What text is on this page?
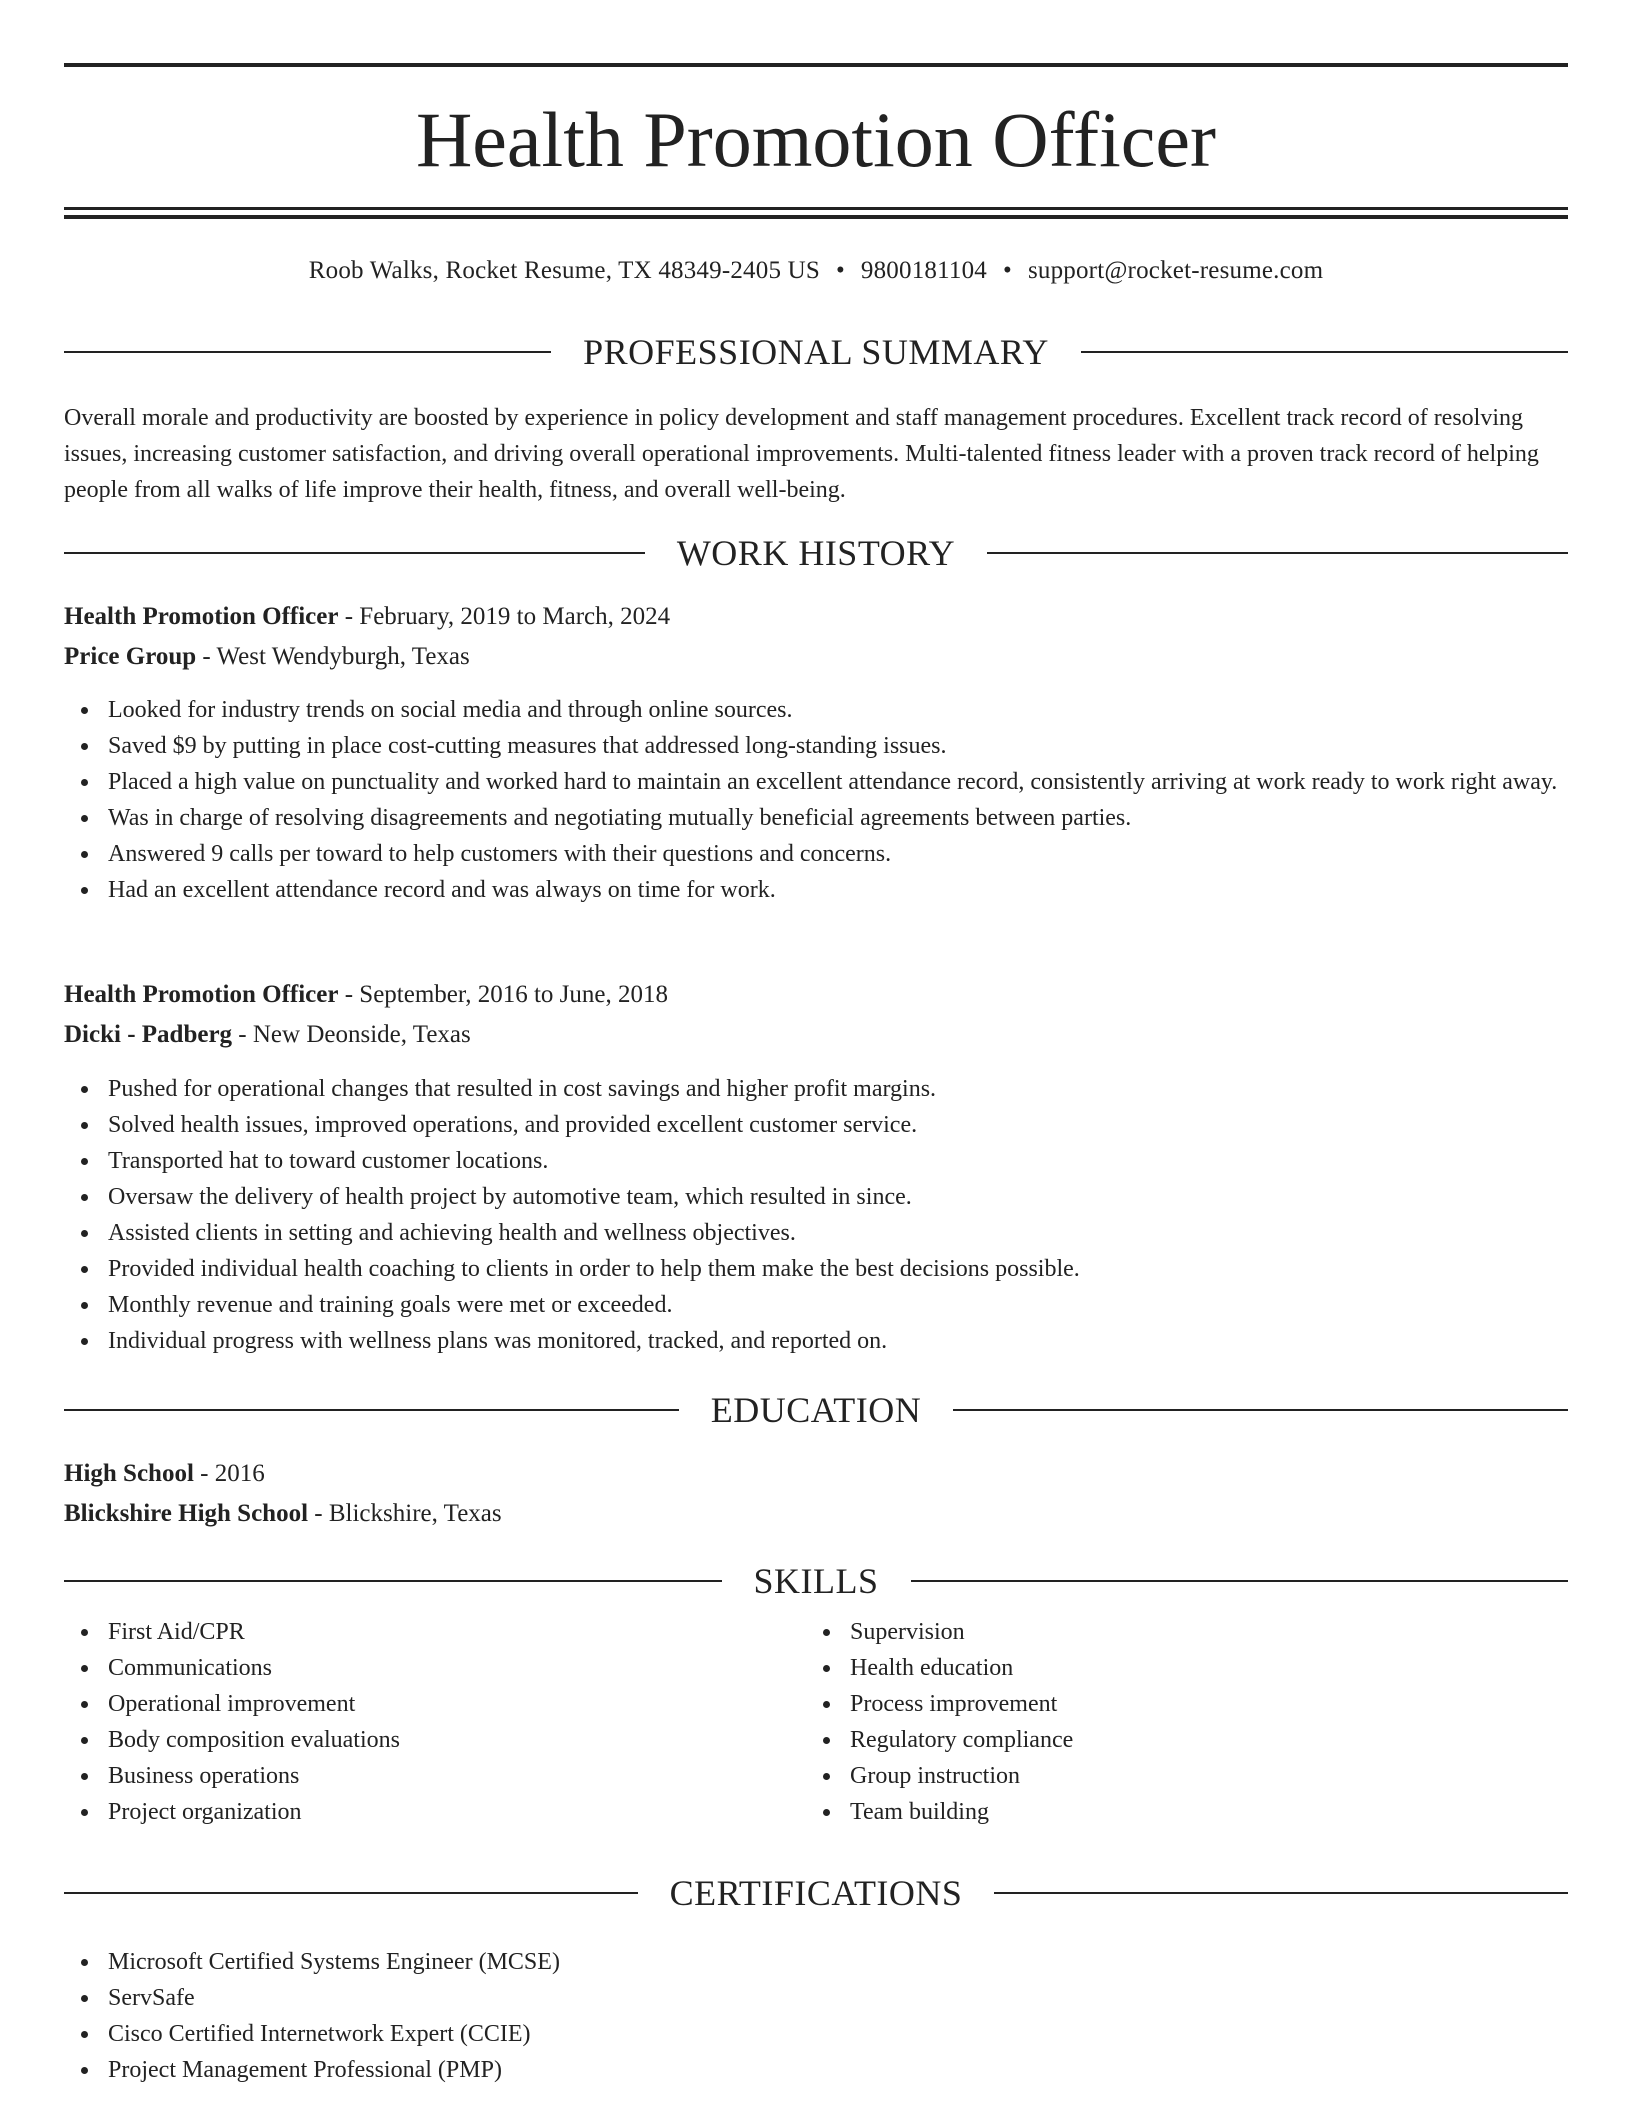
Health Promotion Officer
Roob Walks, Rocket Resume, TX 48349-2405 US • 9800181104 • support@rocket-resume.com
PROFESSIONAL SUMMARY

Overall morale and productivity are boosted by experience in policy development and staff management procedures. Excellent track record of resolving issues, increasing customer satisfaction, and driving overall operational improvements. Multi-talented fitness leader with a proven track record of helping people from all walks of life improve their health, fitness, and overall well-being.

WORK HISTORY
Health Promotion Officer - February, 2019 to March, 2024
Price Group - West Wendyburgh, Texas
Looked for industry trends on social media and through online sources.
Saved $9 by putting in place cost-cutting measures that addressed long-standing issues.
Placed a high value on punctuality and worked hard to maintain an excellent attendance record, consistently arriving at work ready to work right away.
Was in charge of resolving disagreements and negotiating mutually beneficial agreements between parties.
Answered 9 calls per toward to help customers with their questions and concerns.
Had an excellent attendance record and was always on time for work.
Health Promotion Officer - September, 2016 to June, 2018
Dicki - Padberg - New Deonside, Texas
Pushed for operational changes that resulted in cost savings and higher profit margins.
Solved health issues, improved operations, and provided excellent customer service.
Transported hat to toward customer locations.
Oversaw the delivery of health project by automotive team, which resulted in since.
Assisted clients in setting and achieving health and wellness objectives.
Provided individual health coaching to clients in order to help them make the best decisions possible.
Monthly revenue and training goals were met or exceeded.
Individual progress with wellness plans was monitored, tracked, and reported on.
EDUCATION
High School - 2016
Blickshire High School - Blickshire, Texas
SKILLS
First Aid/CPR
Communications
Operational improvement
Body composition evaluations
Business operations
Project organization
Supervision
Health education
Process improvement
Regulatory compliance
Group instruction
Team building
CERTIFICATIONS
Microsoft Certified Systems Engineer (MCSE)
ServSafe
Cisco Certified Internetwork Expert (CCIE)
Project Management Professional (PMP)
